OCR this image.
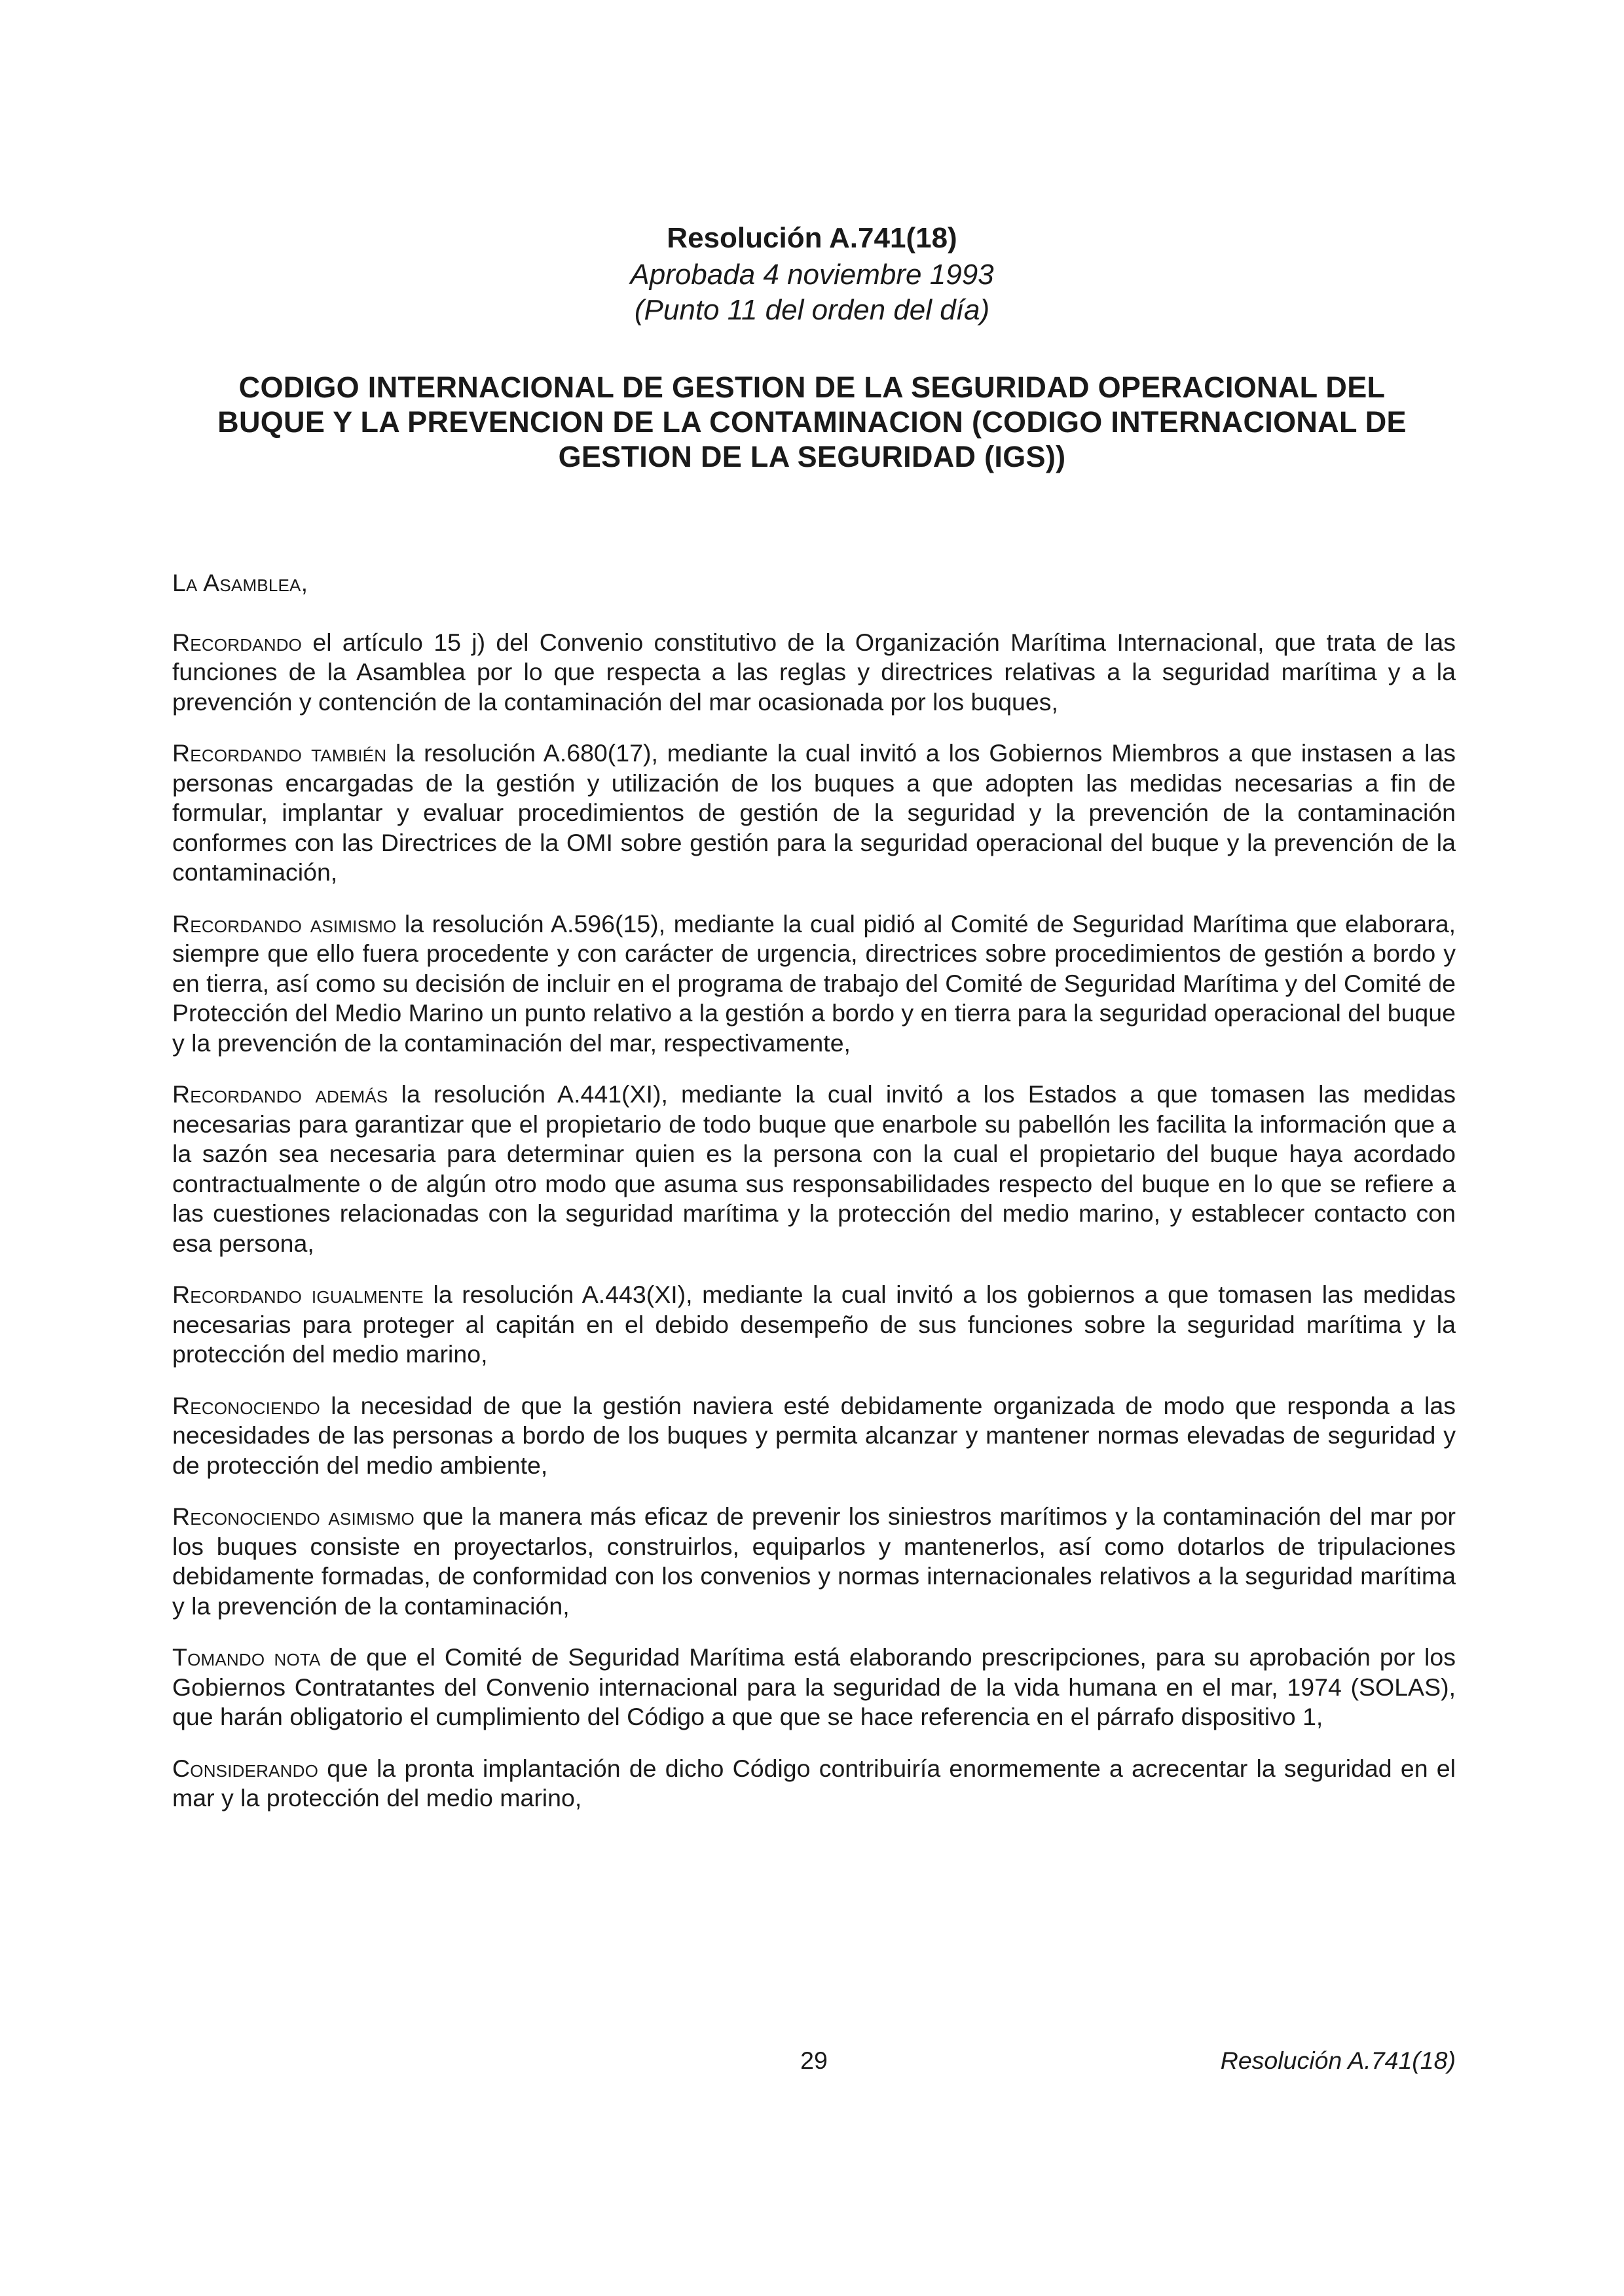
Resolución A.741(18)

Aprobada 4 noviembre 1993

(Punto 11 del orden del día)

CODIGO INTERNACIONAL DE GESTION DE LA SEGURIDAD OPERACIONAL DEL BUQUE Y LA PREVENCION DE LA CONTAMINACION (CODIGO INTERNACIONAL DE GESTION DE LA SEGURIDAD (IGS))

La Asamblea,

Recordando el artículo 15 j) del Convenio constitutivo de la Organización Marítima Internacional, que trata de las funciones de la Asamblea por lo que respecta a las reglas y directrices relativas a la seguridad marítima y a la prevención y contención de la contaminación del mar ocasionada por los buques,

Recordando también la resolución A.680(17), mediante la cual invitó a los Gobiernos Miembros a que instasen a las personas encargadas de la gestión y utilización de los buques a que adopten las medidas necesarias a fin de formular, implantar y evaluar procedimientos de gestión de la seguridad y la prevención de la contaminación conformes con las Directrices de la OMI sobre gestión para la seguridad operacional del buque y la prevención de la contaminación,

Recordando asimismo la resolución A.596(15), mediante la cual pidió al Comité de Seguridad Marítima que elaborara, siempre que ello fuera procedente y con carácter de urgencia, directrices sobre procedimientos de gestión a bordo y en tierra, así como su decisión de incluir en el programa de trabajo del Comité de Seguridad Marítima y del Comité de Protección del Medio Marino un punto relativo a la gestión a bordo y en tierra para la seguridad operacional del buque y la prevención de la contaminación del mar, respectivamente,

Recordando además la resolución A.441(XI), mediante la cual invitó a los Estados a que tomasen las medidas necesarias para garantizar que el propietario de todo buque que enarbole su pabellón les facilita la información que a la sazón sea necesaria para determinar quien es la persona con la cual el propietario del buque haya acordado contractualmente o de algún otro modo que asuma sus responsabilidades respecto del buque en lo que se refiere a las cuestiones relacionadas con la seguridad marítima y la protección del medio marino, y establecer contacto con esa persona,

Recordando igualmente la resolución A.443(XI), mediante la cual invitó a los gobiernos a que tomasen las medidas necesarias para proteger al capitán en el debido desempeño de sus funciones sobre la seguridad marítima y la protección del medio marino,

Reconociendo la necesidad de que la gestión naviera esté debidamente organizada de modo que responda a las necesidades de las personas a bordo de los buques y permita alcanzar y mantener normas elevadas de seguridad y de protección del medio ambiente,

Reconociendo asimismo que la manera más eficaz de prevenir los siniestros marítimos y la contaminación del mar por los buques consiste en proyectarlos, construirlos, equiparlos y mantenerlos, así como dotarlos de tripulaciones debidamente formadas, de conformidad con los convenios y normas internacionales relativos a la seguridad marítima y la prevención de la contaminación,

Tomando nota de que el Comité de Seguridad Marítima está elaborando prescripciones, para su aprobación por los Gobiernos Contratantes del Convenio internacional para la seguridad de la vida humana en el mar, 1974 (SOLAS), que harán obligatorio el cumplimiento del Código a que que se hace referencia en el párrafo dispositivo 1,

Considerando que la pronta implantación de dicho Código contribuiría enormemente a acrecentar la seguridad en el mar y la protección del medio marino,

29	Resolución A.741(18)
